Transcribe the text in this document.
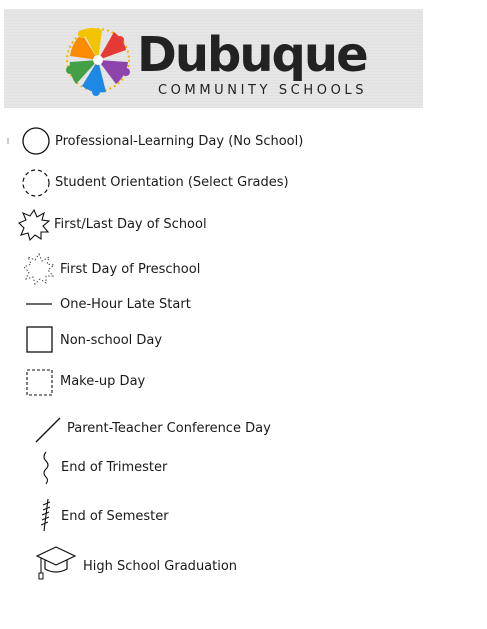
Dubuque
COMMUNITY SCHOOLS
Professional-Learning Day (No School)
Student Orientation (Select Grades)
First/Last Day of School
First Day of Preschool
One-Hour Late Start
Non-school Day
Make-up Day
Parent-Teacher Conference Day
End of Trimester
End of Semester
High School Graduation
